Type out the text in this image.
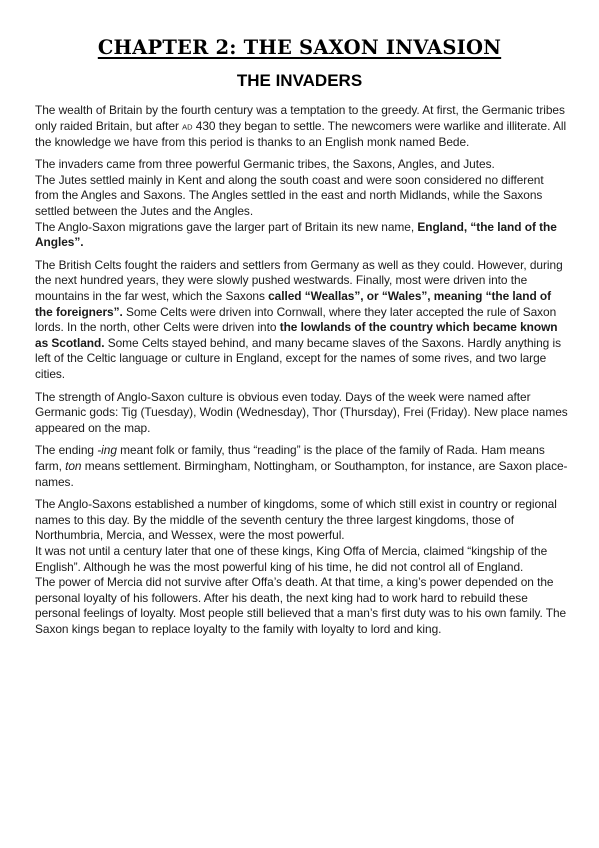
CHAPTER 2: THE SAXON INVASION
THE INVADERS

The wealth of Britain by the fourth century was a temptation to the greedy. At first, the Germanic tribes only raided Britain, but after AD 430 they began to settle. The newcomers were warlike and illiterate. All the knowledge we have from this period is thanks to an English monk named Bede.

The invaders came from three powerful Germanic tribes, the Saxons, Angles, and Jutes.

The Jutes settled mainly in Kent and along the south coast and were soon considered no different from the Angles and Saxons. The Angles settled in the east and north Midlands, while the Saxons settled between the Jutes and the Angles.

The Anglo-Saxon migrations gave the larger part of Britain its new name, England, “the land of the Angles”.

The British Celts fought the raiders and settlers from Germany as well as they could. However, during the next hundred years, they were slowly pushed westwards. Finally, most were driven into the mountains in the far west, which the Saxons called “Weallas”, or “Wales”, meaning “the land of the foreigners”. Some Celts were driven into Cornwall, where they later accepted the rule of Saxon lords. In the north, other Celts were driven into the lowlands of the country which became known as Scotland. Some Celts stayed behind, and many became slaves of the Saxons. Hardly anything is left of the Celtic language or culture in England, except for the names of some rives, and two large cities.

The strength of Anglo-Saxon culture is obvious even today. Days of the week were named after Germanic gods: Tig (Tuesday), Wodin (Wednesday), Thor (Thursday), Frei (Friday). New place names appeared on the map.

The ending -ing meant folk or family, thus “reading” is the place of the family of Rada. Ham means farm, ton means settlement. Birmingham, Nottingham, or Southampton, for instance, are Saxon place-names.

The Anglo-Saxons established a number of kingdoms, some of which still exist in country or regional names to this day. By the middle of the seventh century the three largest kingdoms, those of Northumbria, Mercia, and Wessex, were the most powerful.

It was not until a century later that one of these kings, King Offa of Mercia, claimed “kingship of the English”. Although he was the most powerful king of his time, he did not control all of England.

The power of Mercia did not survive after Offa’s death. At that time, a king’s power depended on the personal loyalty of his followers. After his death, the next king had to work hard to rebuild these personal feelings of loyalty. Most people still believed that a man’s first duty was to his own family. The Saxon kings began to replace loyalty to the family with loyalty to lord and king.
